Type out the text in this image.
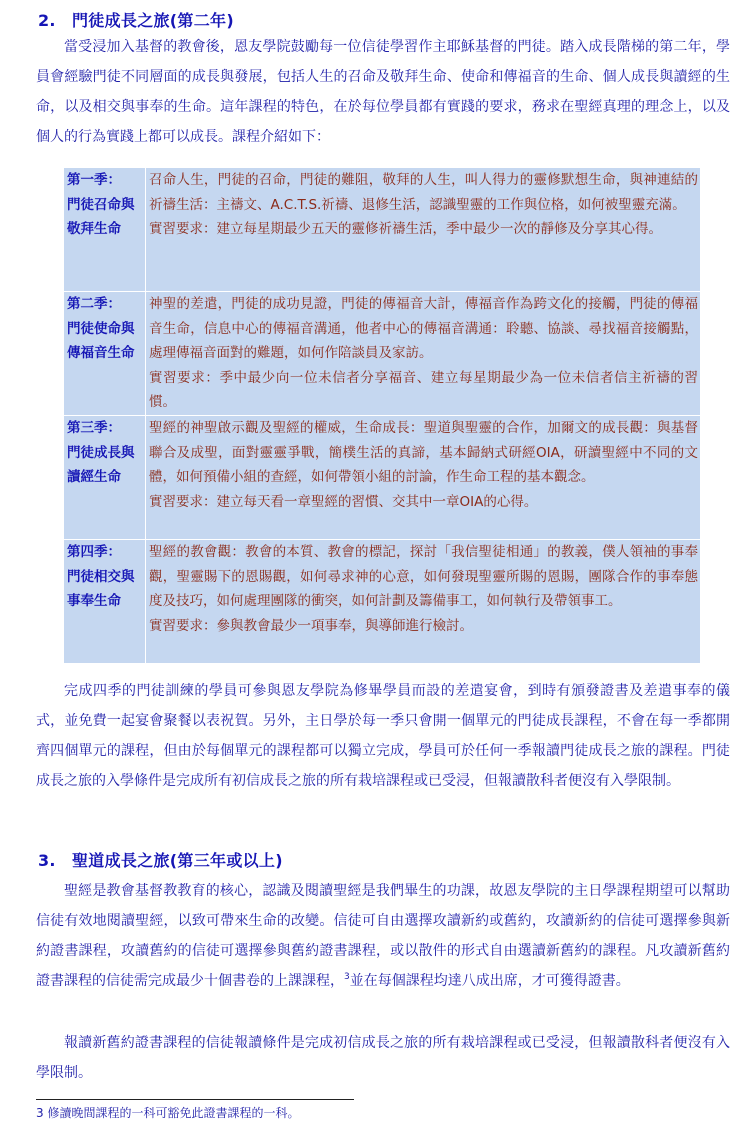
2. 門徒成長之旅(第二年)

當受浸加入基督的教會後，恩友學院鼓勵每一位信徒學習作主耶穌基督的門徒。踏入成長階梯的第二年，學員會經驗門徒不同層面的成長與發展，包括人生的召命及敬拜生命、使命和傳福音的生命、個人成長與讀經的生命，以及相交與事奉的生命。這年課程的特色，在於每位學員都有實踐的要求，務求在聖經真理的理念上，以及個人的行為實踐上都可以成長。課程介紹如下：

第一季：
門徒召命與
敬拜生命	召命人生，門徒的召命，門徒的難阻，敬拜的人生，叫人得力的靈修默想生命，與神連結的祈禱生活：主禱文、A.C.T.S.祈禱、退修生活，認識聖靈的工作與位格，如何被聖靈充滿。
實習要求：建立每星期最少五天的靈修祈禱生活，季中最少一次的靜修及分享其心得。

第二季：
門徒使命與
傳福音生命	神聖的差遣，門徒的成功見證，門徒的傳福音大計，傳福音作為跨文化的接觸，門徒的傳福音生命，信息中心的傳福音溝通，他者中心的傳福音溝通：聆聽、協談、尋找福音接觸點，處理傳福音面對的難題，如何作陪談員及家訪。
實習要求：季中最少向一位未信者分享福音、建立每星期最少為一位未信者信主祈禱的習慣。

第三季：
門徒成長與
讀經生命	聖經的神聖啟示觀及聖經的權威，生命成長：聖道與聖靈的合作，加爾文的成長觀：與基督聯合及成聖，面對靈靈爭戰，簡樸生活的真諦，基本歸納式研經OIA，研讀聖經中不同的文體，如何預備小組的查經，如何帶領小組的討論，作生命工程的基本觀念。
實習要求：建立每天看一章聖經的習慣、交其中一章OIA的心得。

第四季：
門徒相交與
事奉生命	聖經的教會觀：教會的本質、教會的標記，探討「我信聖徒相通」的教義，僕人領袖的事奉觀，聖靈賜下的恩賜觀，如何尋求神的心意，如何發現聖靈所賜的恩賜，團隊合作的事奉態度及技巧，如何處理團隊的衝突，如何計劃及籌備事工，如何執行及帶領事工。
實習要求：參與教會最少一項事奉，與導師進行檢討。

完成四季的門徒訓練的學員可參與恩友學院為修畢學員而設的差遣宴會，到時有頒發證書及差遣事奉的儀式，並免費一起宴會聚餐以表祝賀。另外，主日學於每一季只會開一個單元的門徒成長課程，不會在每一季都開齊四個單元的課程，但由於每個單元的課程都可以獨立完成，學員可於任何一季報讀門徒成長之旅的課程。門徒成長之旅的入學條件是完成所有初信成長之旅的所有栽培課程或已受浸，但報讀散科者便沒有入學限制。

3. 聖道成長之旅(第三年或以上)

聖經是教會基督教教育的核心，認識及閱讀聖經是我們畢生的功課，故恩友學院的主日學課程期望可以幫助信徒有效地閱讀聖經，以致可帶來生命的改變。信徒可自由選擇攻讀新約或舊約，攻讀新約的信徒可選擇參與新約證書課程，攻讀舊約的信徒可選擇參與舊約證書課程，或以散件的形式自由選讀新舊約的課程。凡攻讀新舊約證書課程的信徒需完成最少十個書卷的上課課程，$^3$並在每個課程均達八成出席，才可獲得證書。

報讀新舊約證書課程的信徒報讀條件是完成初信成長之旅的所有栽培課程或已受浸，但報讀散科者便沒有入學限制。

3 修讀晚間課程的一科可豁免此證書課程的一科。
